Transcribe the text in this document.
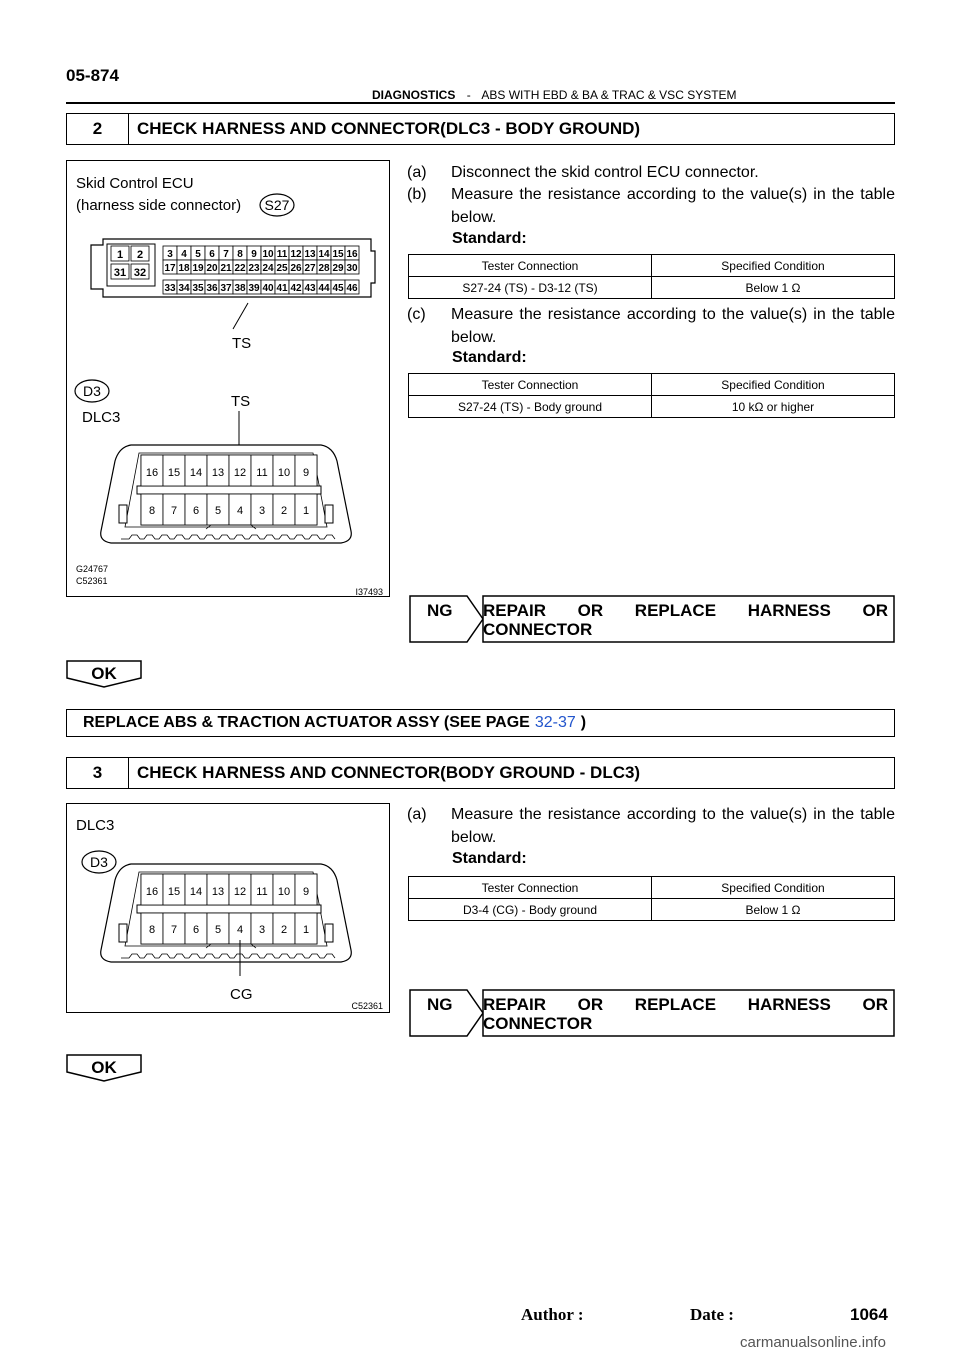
05-874
DIAGNOSTICS - ABS WITH EBD & BA & TRAC & VSC SYSTEM
2	CHECK HARNESS AND CONNECTOR(DLC3 - BODY GROUND)
Skid Control ECU
(harness side connector) S27
1 2
31 32
3 4 5 6 7 8 9 10 11 12 13 14 15 16
17 18 19 20 21 22 23 24 25 26 27 28 29 30
33 34 35 36 37 38 39 40 41 42 43 44 45 46
TS
D3
DLC3
TS
16 15 14 13 12 11 10 9
8 7 6 5 4 3 2 1
G24767
C52361
I37493
(a) Disconnect the skid control ECU connector.
(b) Measure the resistance according to the value(s) in the table below.
Standard:
Tester Connection	Specified Condition
S27-24 (TS) - D3-12 (TS)	Below 1 Ω
(c) Measure the resistance according to the value(s) in the table below.
Standard:
Tester Connection	Specified Condition
S27-24 (TS) - Body ground	10 kΩ or higher
NG REPAIR OR REPLACE HARNESS OR CONNECTOR
OK
REPLACE ABS & TRACTION ACTUATOR ASSY (SEE PAGE 32-37 )
3	CHECK HARNESS AND CONNECTOR(BODY GROUND - DLC3)
DLC3
D3
16 15 14 13 12 11 10 9
8 7 6 5 4 3 2 1
CG
C52361
(a) Measure the resistance according to the value(s) in the table below.
Standard:
Tester Connection	Specified Condition
D3-4 (CG) - Body ground	Below 1 Ω
NG REPAIR OR REPLACE HARNESS OR CONNECTOR
OK
Author :	Date :	1064
carmanualsonline.info
